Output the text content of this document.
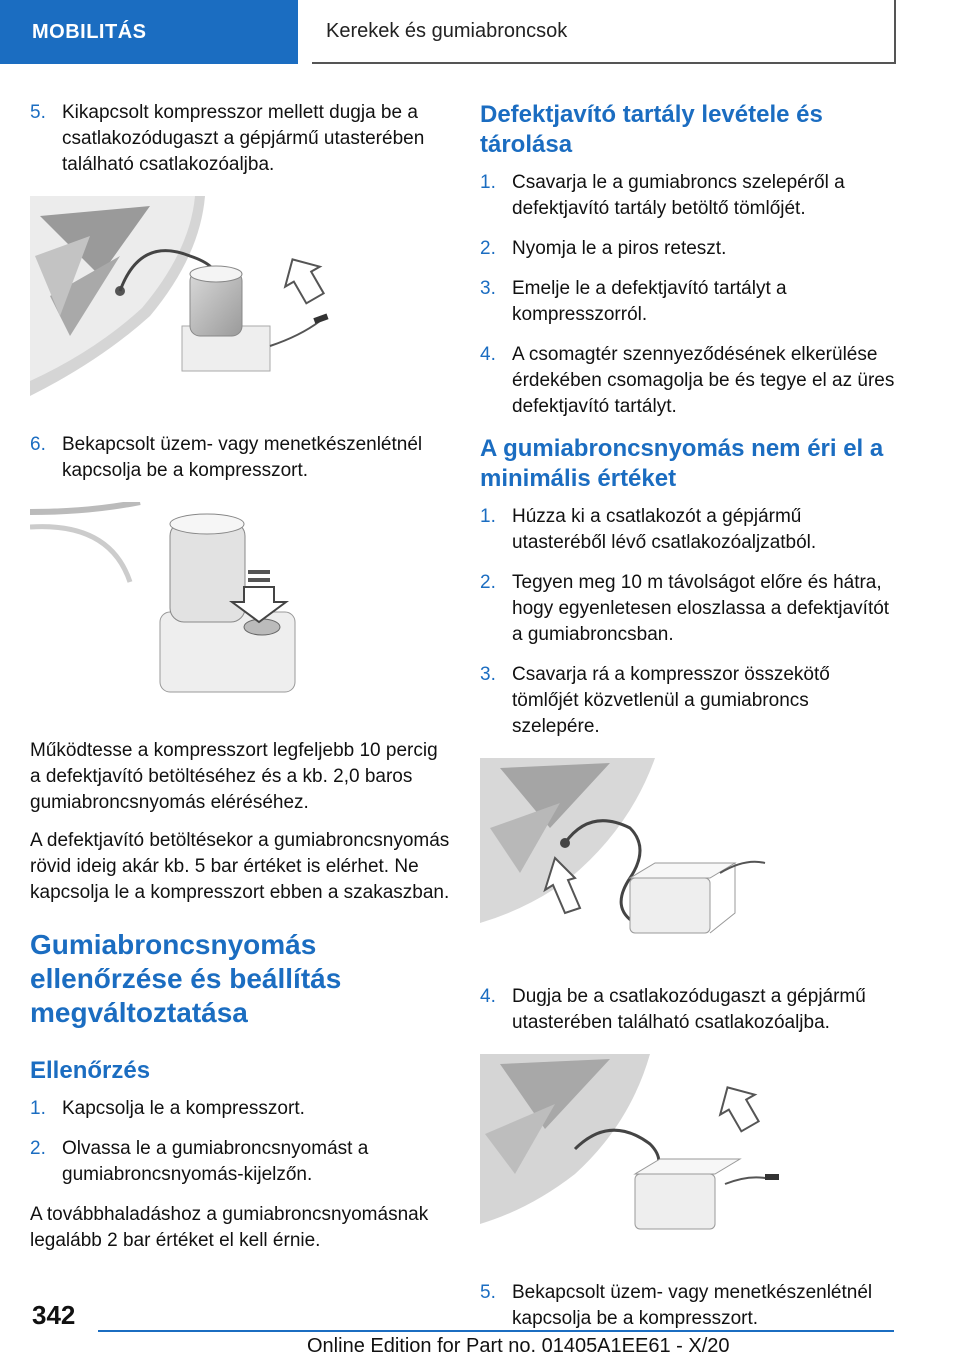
MOBILITÁS	Kerekek és gumiabroncsok
5. Kikapcsolt kompresszor mellett dugja be a csatlakozódugaszt a gépjármű utasterében található csatlakozóaljba.
6. Bekapcsolt üzem- vagy menetkészenlétnél kapcsolja be a kompresszort.

Működtesse a kompresszort legfeljebb 10 percig a defektjavító betöltéséhez és a kb. 2,0 baros gumiabroncsnyomás eléréséhez.

A defektjavító betöltésekor a gumiabroncsnyomás rövid ideig akár kb. 5 bar értéket is elérhet. Ne kapcsolja le a kompresszort ebben a szakaszban.

Gumiabroncsnyomás ellenőrzése és beállítás megváltoztatása
Ellenőrzés
1. Kapcsolja le a kompresszort.
2. Olvassa le a gumiabroncsnyomást a gumiabroncsnyomás-kijelzőn.

A továbbhaladáshoz a gumiabroncsnyomásnak legalább 2 bar értéket el kell érnie.

Defektjavító tartály levétele és tárolása
1. Csavarja le a gumiabroncs szelepéről a defektjavító tartály betöltő tömlőjét.
2. Nyomja le a piros reteszt.
3. Emelje le a defektjavító tartályt a kompresszorról.
4. A csomagtér szennyeződésének elkerülése érdekében csomagolja be és tegye el az üres defektjavító tartályt.
A gumiabroncsnyomás nem éri el a minimális értéket
1. Húzza ki a csatlakozót a gépjármű utasteréből lévő csatlakozóaljzatból.
2. Tegyen meg 10 m távolságot előre és hátra, hogy egyenletesen eloszlassa a defektjavítót a gumiabroncsban.
3. Csavarja rá a kompresszor összekötő tömlőjét közvetlenül a gumiabroncs szelepére.
4. Dugja be a csatlakozódugaszt a gépjármű utasterében található csatlakozóaljba.
5. Bekapcsolt üzem- vagy menetkészenlétnél kapcsolja be a kompresszort.
342
Online Edition for Part no. 01405A1EE61 - X/20
